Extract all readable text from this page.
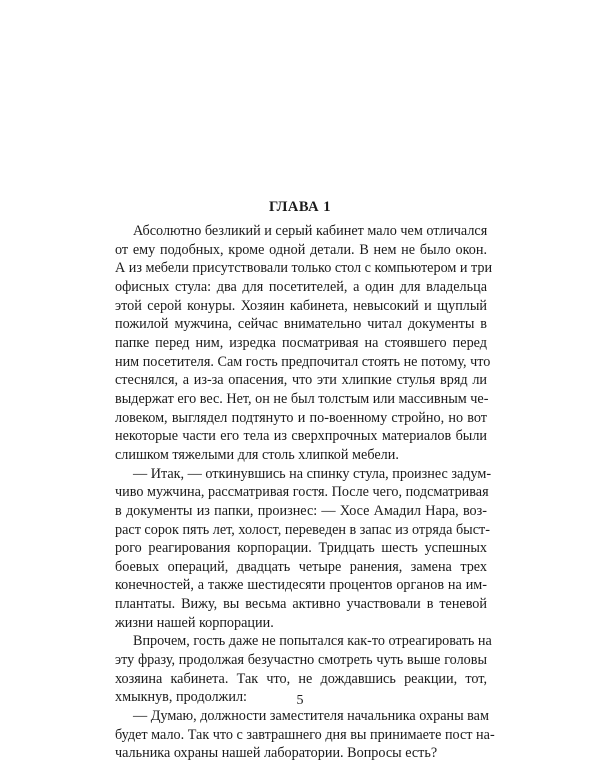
ГЛАВА 1

Абсолютно безликий и серый кабинет мало чем отличался
от ему подобных, кроме одной детали. В нем не было окон.
А из мебели присутствовали только стол с компьютером и три
офисных стула: два для посетителей, а один для владельца
этой серой конуры. Хозяин кабинета, невысокий и щуплый
пожилой мужчина, сейчас внимательно читал документы в
папке перед ним, изредка посматривая на стоявшего перед
ним посетителя. Сам гость предпочитал стоять не потому, что
стеснялся, а из-за опасения, что эти хлипкие стулья вряд ли
выдержат его вес. Нет, он не был толстым или массивным че-
ловеком, выглядел подтянуто и по-военному стройно, но вот
некоторые части его тела из сверхпрочных материалов были
слишком тяжелыми для столь хлипкой мебели.

— Итак, — откинувшись на спинку стула, произнес задум-
чиво мужчина, рассматривая гостя. После чего, подсматривая
в документы из папки, произнес: — Хосе Амадил Нара, воз-
раст сорок пять лет, холост, переведен в запас из отряда быст-
рого реагирования корпорации. Тридцать шесть успешных
боевых операций, двадцать четыре ранения, замена трех
конечностей, а также шестидесяти процентов органов на им-
плантаты. Вижу, вы весьма активно участвовали в теневой
жизни нашей корпорации.

Впрочем, гость даже не попытался как-то отреагировать на
эту фразу, продолжая безучастно смотреть чуть выше головы
хозяина кабинета. Так что, не дождавшись реакции, тот,
хмыкнув, продолжил:

— Думаю, должности заместителя начальника охраны вам
будет мало. Так что с завтрашнего дня вы принимаете пост на-
чальника охраны нашей лаборатории. Вопросы есть?

5
